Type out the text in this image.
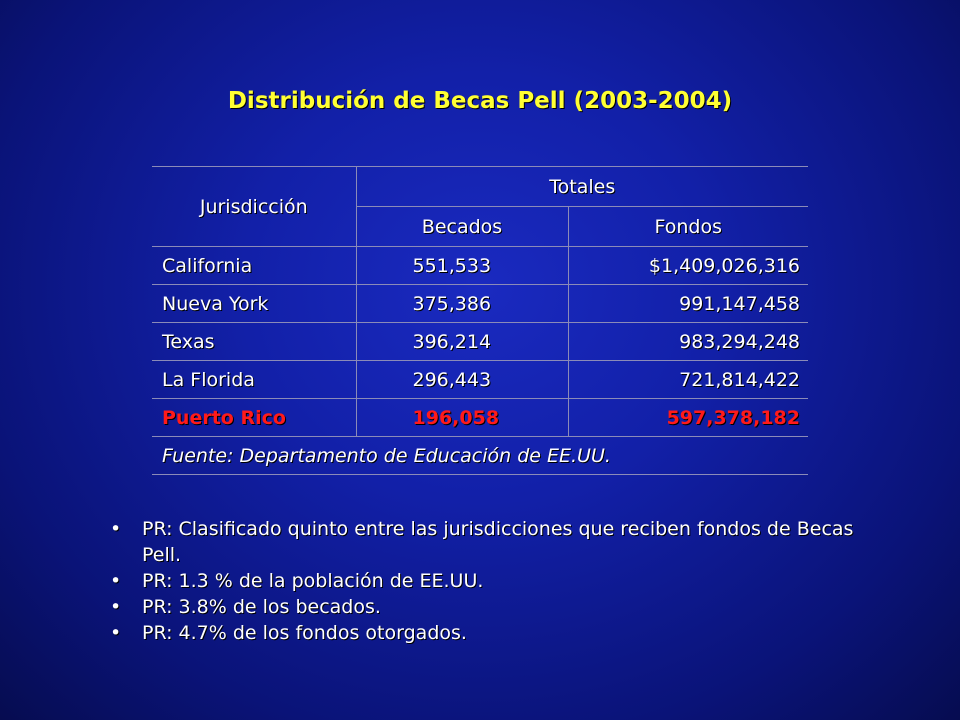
Distribución de Becas Pell (2003-2004)
Jurisdicción	Totales	
	Becados	Fondos
California	551,533	$1,409,026,316
Nueva York	375,386	991,147,458
Texas	396,214	983,294,248
La Florida	296,443	721,814,422
Puerto Rico	196,058	597,378,182
Fuente: Departamento de Educación de EE.UU.		
• PR: Clasificado quinto entre las jurisdicciones que reciben fondos de Becas Pell.
• PR: 1.3 % de la población de EE.UU.
• PR: 3.8% de los becados.
• PR: 4.7% de los fondos otorgados.
